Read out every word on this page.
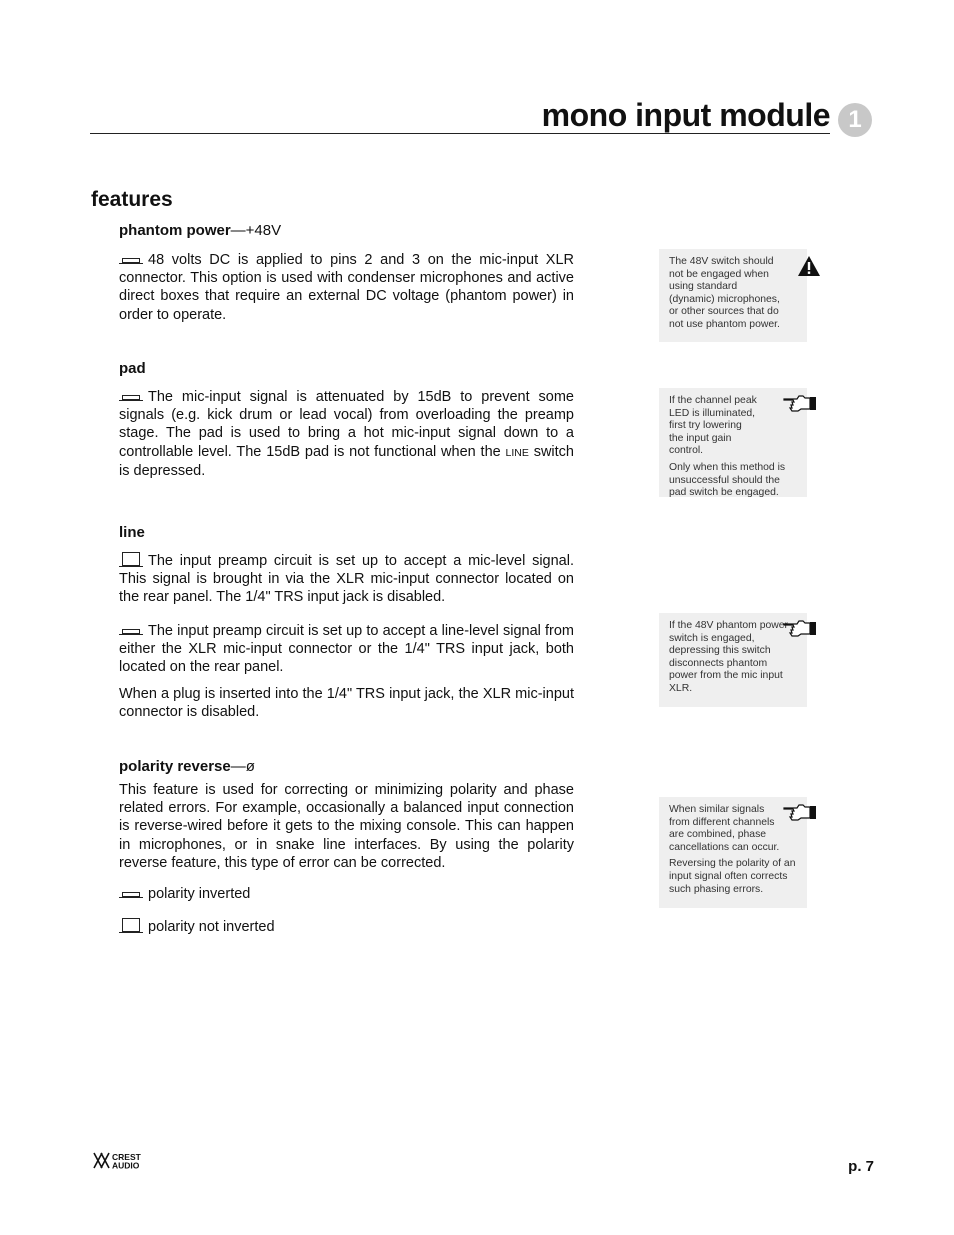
mono input module 1
features
phantom power—+48V

48 volts DC is applied to pins 2 and 3 on the mic-input XLR connector. This option is used with condenser microphones and active direct boxes that require an external DC voltage (phantom power) in order to operate.

pad

The mic-input signal is attenuated by 15dB to prevent some signals (e.g. kick drum or lead vocal) from overloading the preamp stage. The pad is used to bring a hot mic-input signal down to a controllable level. The 15dB pad is not functional when the LINE switch is depressed.

line

The input preamp circuit is set up to accept a mic-level signal. This signal is brought in via the XLR mic-input connector located on the rear panel. The 1/4" TRS input jack is disabled.

The input preamp circuit is set up to accept a line-level signal from either the XLR mic-input connector or the 1/4" TRS input jack, both located on the rear panel.

When a plug is inserted into the 1/4" TRS input jack, the XLR mic-input connector is disabled.

polarity reverse—ø

This feature is used for correcting or minimizing polarity and phase related errors. For example, occasionally a balanced input connection is reverse-wired before it gets to the mixing console. This can happen in microphones, or in snake line interfaces. By using the polarity reverse feature, this type of error can be corrected.

polarity inverted

polarity not inverted

The 48V switch should not be engaged when using standard (dynamic) microphones, or other sources that do not use phantom power.

If the channel peak LED is illuminated, first try lowering the input gain control.

Only when this method is unsuccessful should the pad switch be engaged.

If the 48V phantom power switch is engaged, depressing this switch disconnects phantom power from the mic input XLR.

When similar signals from different channels are combined, phase cancellations can occur.

Reversing the polarity of an input signal often corrects such phasing errors.

CREST
AUDIO	p. 7
